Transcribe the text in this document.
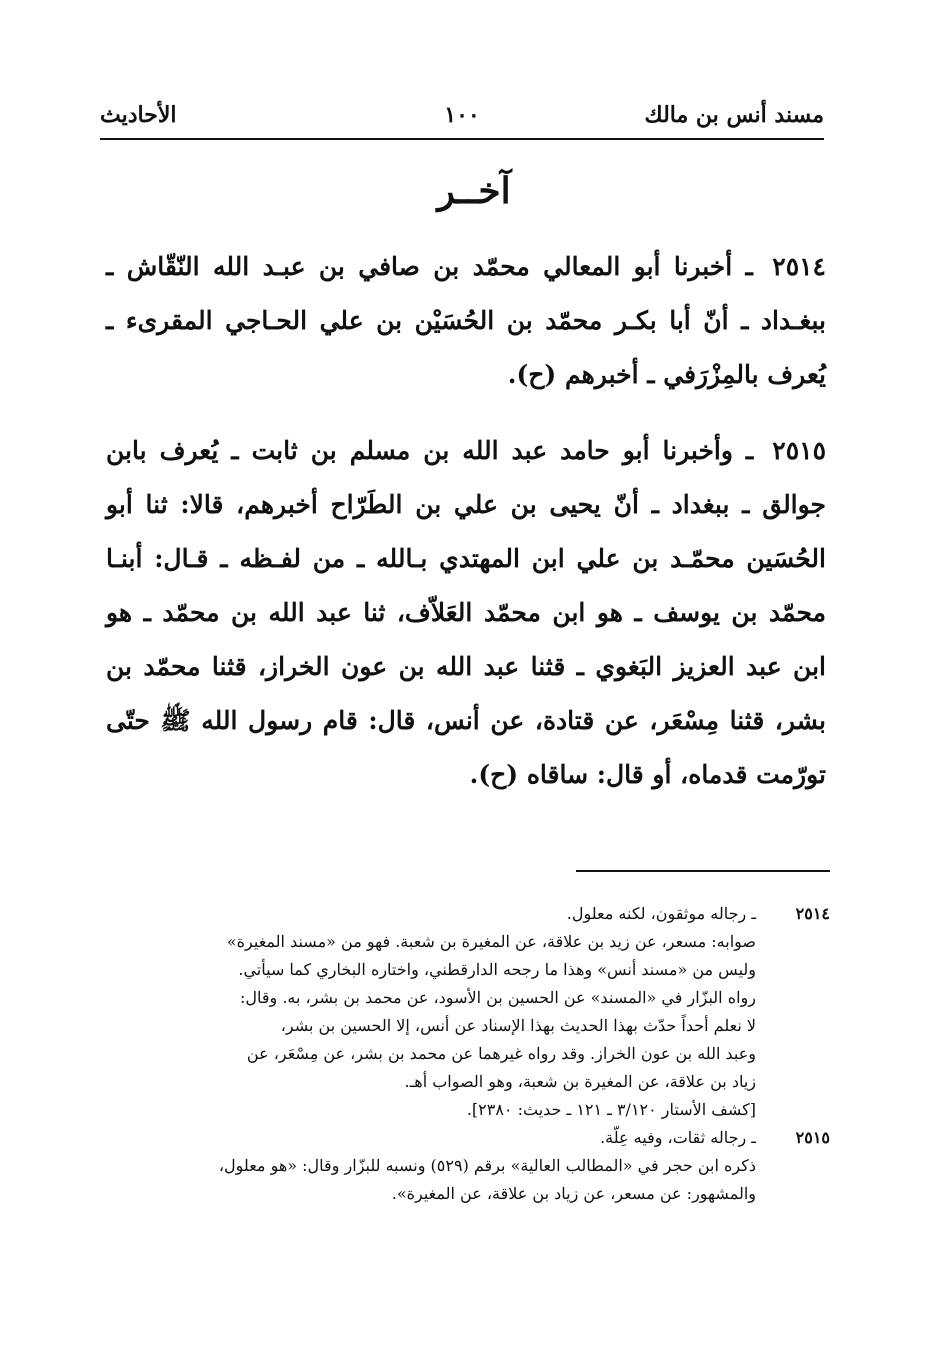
مسند أنس بن مالك
١٠٠
الأحاديث
آخــر

٢٥١٤ ـ أخبرنا أبو المعالي محمّد بن صافي بن عبـد الله النّقّاش ـ ببغـداد ـ أنّ أبا بكـر محمّد بن الحُسَيْن بن علي الحـاجي المقرىء ـ يُعرف بالمِزْرَفي ـ أخبرهم (ح).

٢٥١٥ ـ وأخبرنا أبو حامد عبد الله بن مسلم بن ثابت ـ يُعرف بابن جوالق ـ ببغداد ـ أنّ يحيى بن علي بن الطَرّاح أخبرهم، قالا: ثنا أبو الحُسَين محمّـد بن علي ابن المهتدي بـالله ـ من لفـظه ـ قـال: أبنـا محمّد بن يوسف ـ هو ابن محمّد العَلاّف، ثنا عبد الله بن محمّد ـ هو ابن عبد العزيز البَغوي ـ قثنا عبد الله بن عون الخراز، قثنا محمّد بن بشر، قثنا مِسْعَر، عن قتادة، عن أنس، قال: قام رسول الله ﷺ حتّى تورّمت قدماه، أو قال: ساقاه (ح).

٢٥١٤
ـ رجاله موثقون، لكنه معلول.
صوابه: مسعر، عن زيد بن علاقة، عن المغيرة بن شعبة. فهو من «مسند المغيرة»
وليس من «مسند أنس» وهذا ما رجحه الدارقطني، واختاره البخاري كما سيأتي.
رواه البزّار في «المسند» عن الحسين بن الأسود، عن محمد بن بشر، به. وقال:
لا نعلم أحداً حدّث بهذا الحديث بهذا الإسناد عن أنس، إلا الحسين بن بشر،
وعبد الله بن عون الخراز. وقد رواه غيرهما عن محمد بن بشر، عن مِسْعَر، عن
زياد بن علاقة، عن المغيرة بن شعبة، وهو الصواب أهـ.
[كشف الأستار ٣/١٢٠ ـ ١٢١ ـ حديث: ٢٣٨٠].
٢٥١٥
ـ رجاله ثقات، وفيه عِلّة.
ذكره ابن حجر في «المطالب العالية» برقم (٥٢٩) ونسبه للبزّار وقال: «هو معلول،
والمشهور: عن مسعر، عن زياد بن علاقة، عن المغيرة».
